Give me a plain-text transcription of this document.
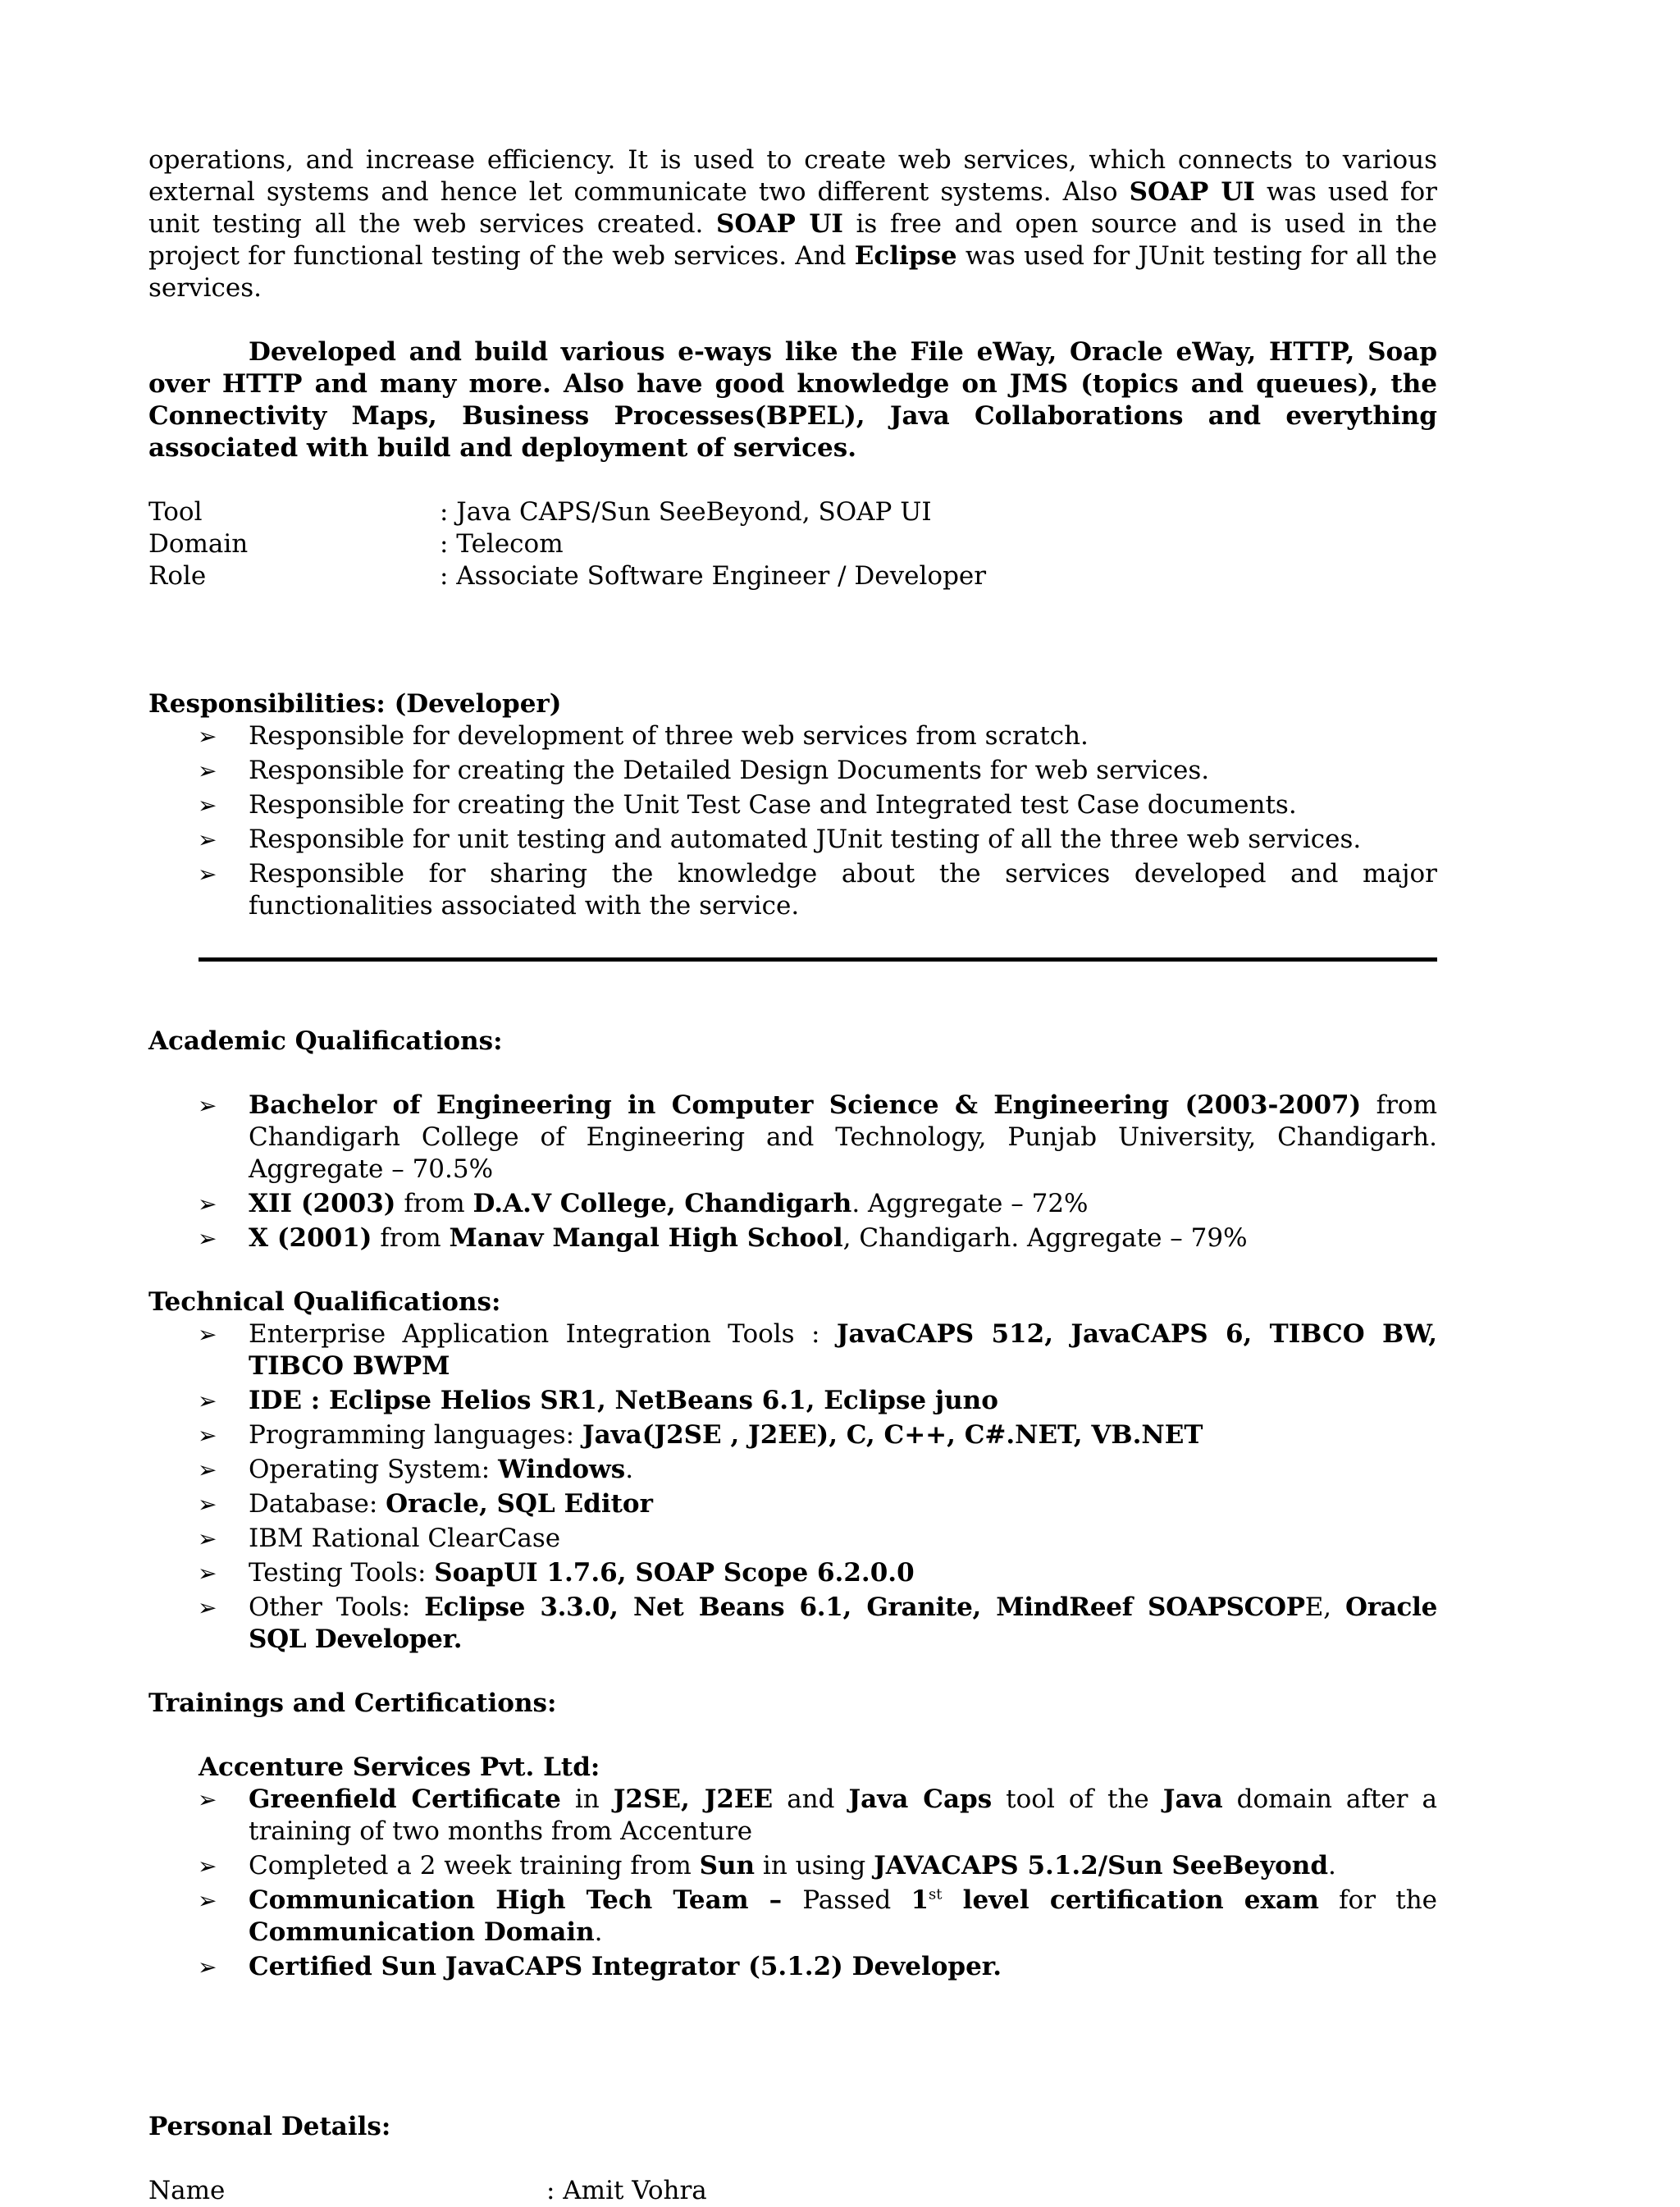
operations, and increase efficiency. It is used to create web services, which connects to various external systems and hence let communicate two different systems. Also SOAP UI was used for unit testing all the web services created. SOAP UI is free and open source and is used in the project for functional testing of the web services. And Eclipse was used for JUnit testing for all the services.

Developed and build various e-ways like the File eWay, Oracle eWay, HTTP, Soap over HTTP and many more. Also have good knowledge on JMS (topics and queues), the Connectivity Maps, Business Processes(BPEL), Java Collaborations and everything associated with build and deployment of services.

Tool	: Java CAPS/Sun SeeBeyond, SOAP UI
Domain	: Telecom
Role	: Associate Software Engineer / Developer

Responsibilities: (Developer)

➢ Responsible for development of three web services from scratch.
➢ Responsible for creating the Detailed Design Documents for web services.
➢ Responsible for creating the Unit Test Case and Integrated test Case documents.
➢ Responsible for unit testing and automated JUnit testing of all the three web services.
➢ Responsible for sharing the knowledge about the services developed and major functionalities associated with the service.

Academic Qualifications:

➢ Bachelor of Engineering in Computer Science & Engineering (2003-2007) from Chandigarh College of Engineering and Technology, Punjab University, Chandigarh. Aggregate – 70.5%
➢ XII (2003) from D.A.V College, Chandigarh. Aggregate – 72%
➢ X (2001) from Manav Mangal High School, Chandigarh. Aggregate – 79%

Technical Qualifications:

➢ Enterprise Application Integration Tools : JavaCAPS 512, JavaCAPS 6, TIBCO BW, TIBCO BWPM
➢ IDE : Eclipse Helios SR1, NetBeans 6.1, Eclipse juno
➢ Programming languages: Java(J2SE , J2EE), C, C++, C#.NET, VB.NET
➢ Operating System: Windows.
➢ Database: Oracle, SQL Editor
➢ IBM Rational ClearCase
➢ Testing Tools: SoapUI 1.7.6, SOAP Scope 6.2.0.0
➢ Other Tools: Eclipse 3.3.0, Net Beans 6.1, Granite, MindReef SOAPSCOPE, Oracle SQL Developer.

Trainings and Certifications:

Accenture Services Pvt. Ltd:

➢ Greenfield Certificate in J2SE, J2EE and Java Caps tool of the Java domain after a training of two months from Accenture
➢ Completed a 2 week training from Sun in using JAVACAPS 5.1.2/Sun SeeBeyond.
➢ Communication High Tech Team – Passed 1st level certification exam for the Communication Domain.
➢ Certified Sun JavaCAPS Integrator (5.1.2) Developer.

Personal Details:

Name	: Amit Vohra
